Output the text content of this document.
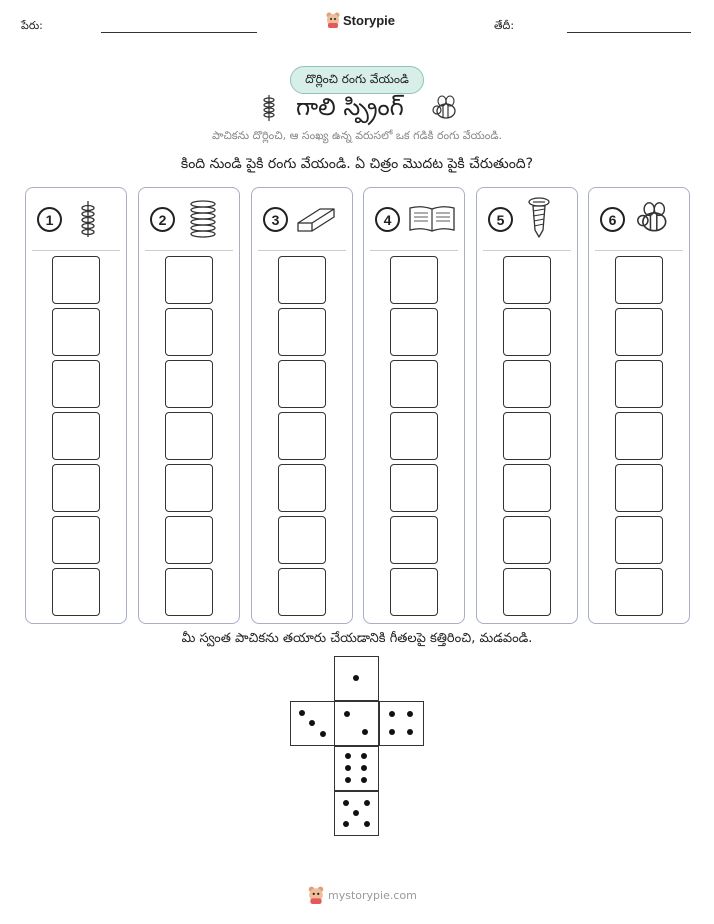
పేరు:	Storypie	తేదీ:
దొర్లించి రంగు వేయండి
గాలి స్ప్రింగ్
పాచికను దొర్లించి, ఆ సంఖ్య ఉన్న వరుసలో ఒక గడికి రంగు వేయండి.
కింది నుండి పైకి రంగు వేయండి. ఏ చిత్రం మొదట పైకి చేరుతుంది?
1	2	3	4	5	6
మీ స్వంత పాచికను తయారు చేయడానికి గీతలపై కత్తిరించి, మడవండి.
mystorypie.com
